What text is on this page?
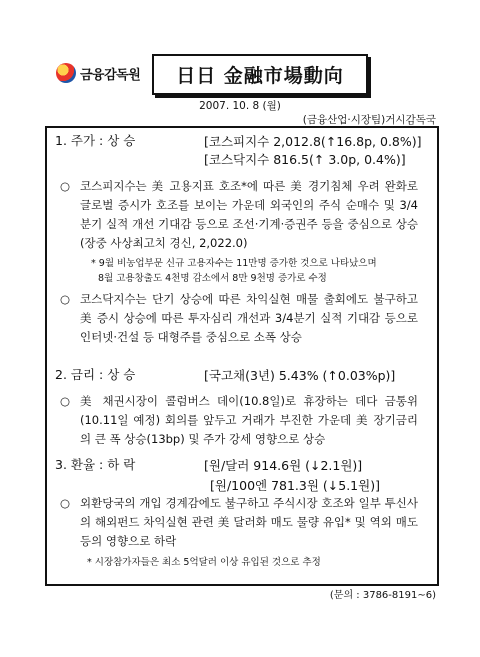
금융감독원 日日 金融市場動向
2007. 10. 8 (월)
(금융산업·시장팀)거시감독국
1. 주가 : 상 승	[코스피지수 2,012.8(↑16.8p, 0.8%)]
[코스닥지수 816.5(↑ 3.0p, 0.4%)]
○ 코스피지수는 美 고용지표 호조*에 따른 美 경기침체 우려 완화로 글로벌 증시가 호조를 보이는 가운데 외국인의 주식 순매수 및 3/4분기 실적 개선 기대감 등으로 조선·기계·증권주 등을 중심으로 상승(장중 사상최고치 경신, 2,022.0)
* 9월 비농업부문 신규 고용자수는 11만명 증가한 것으로 나타났으며
8월 고용창출도 4천명 감소에서 8만 9천명 증가로 수정
○ 코스닥지수는 단기 상승에 따른 차익실현 매물 출회에도 불구하고 美 증시 상승에 따른 투자심리 개선과 3/4분기 실적 기대감 등으로 인터넷·건설 등 대형주를 중심으로 소폭 상승
2. 금리 : 상 승	[국고채(3년) 5.43% (↑0.03%p)]
○ 美 채권시장이 콜럼버스 데이(10.8일)로 휴장하는 데다 금통위(10.11일 예정) 회의를 앞두고 거래가 부진한 가운데 美 장기금리의 큰 폭 상승(13bp) 및 주가 강세 영향으로 상승
3. 환율 : 하 락	[원/달러 914.6원 (↓2.1원)]
[원/100엔 781.3원 (↓5.1원)]
○ 외환당국의 개입 경계감에도 불구하고 주식시장 호조와 일부 투신사의 해외펀드 차익실현 관련 美 달러화 매도 물량 유입* 및 역외 매도 등의 영향으로 하락
* 시장참가자들은 최소 5억달러 이상 유입된 것으로 추정
(문의 : 3786-8191∼6)
